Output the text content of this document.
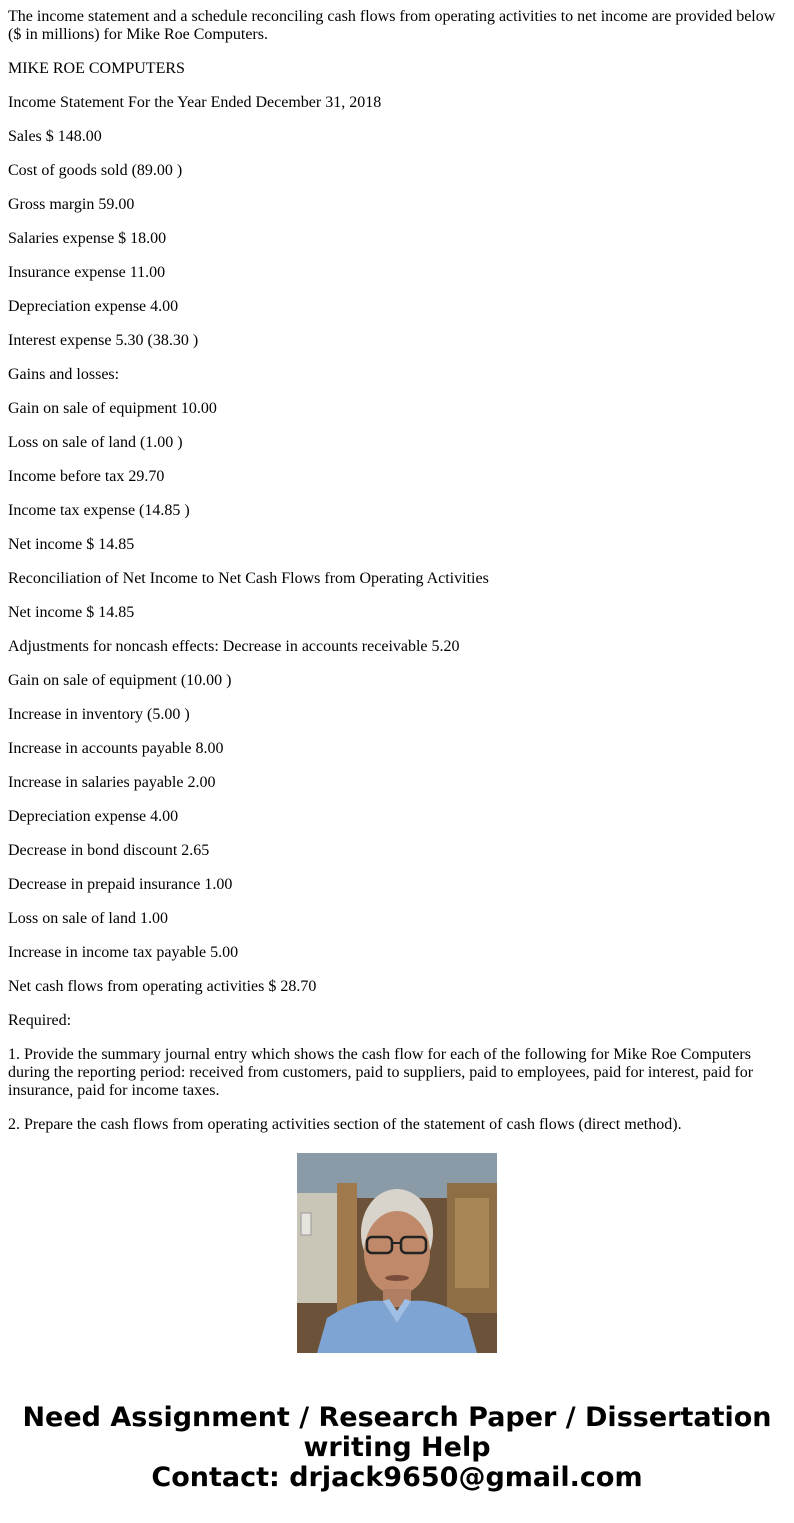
The income statement and a schedule reconciling cash flows from operating activities to net income are provided below ($ in millions) for Mike Roe Computers.

MIKE ROE COMPUTERS

Income Statement For the Year Ended December 31, 2018

Sales $ 148.00

Cost of goods sold (89.00 )

Gross margin 59.00

Salaries expense $ 18.00

Insurance expense 11.00

Depreciation expense 4.00

Interest expense 5.30 (38.30 )

Gains and losses:

Gain on sale of equipment 10.00

Loss on sale of land (1.00 )

Income before tax 29.70

Income tax expense (14.85 )

Net income $ 14.85

Reconciliation of Net Income to Net Cash Flows from Operating Activities

Net income $ 14.85

Adjustments for noncash effects: Decrease in accounts receivable 5.20

Gain on sale of equipment (10.00 )

Increase in inventory (5.00 )

Increase in accounts payable 8.00

Increase in salaries payable 2.00

Depreciation expense 4.00

Decrease in bond discount 2.65

Decrease in prepaid insurance 1.00

Loss on sale of land 1.00

Increase in income tax payable 5.00

Net cash flows from operating activities $ 28.70

Required:

1. Provide the summary journal entry which shows the cash flow for each of the following for Mike Roe Computers during the reporting period: received from customers, paid to suppliers, paid to employees, paid for interest, paid for insurance, paid for income taxes.

2. Prepare the cash flows from operating activities section of the statement of cash flows (direct method).

Need Assignment / Research Paper / Dissertation
writing Help
Contact: drjack9650@gmail.com
